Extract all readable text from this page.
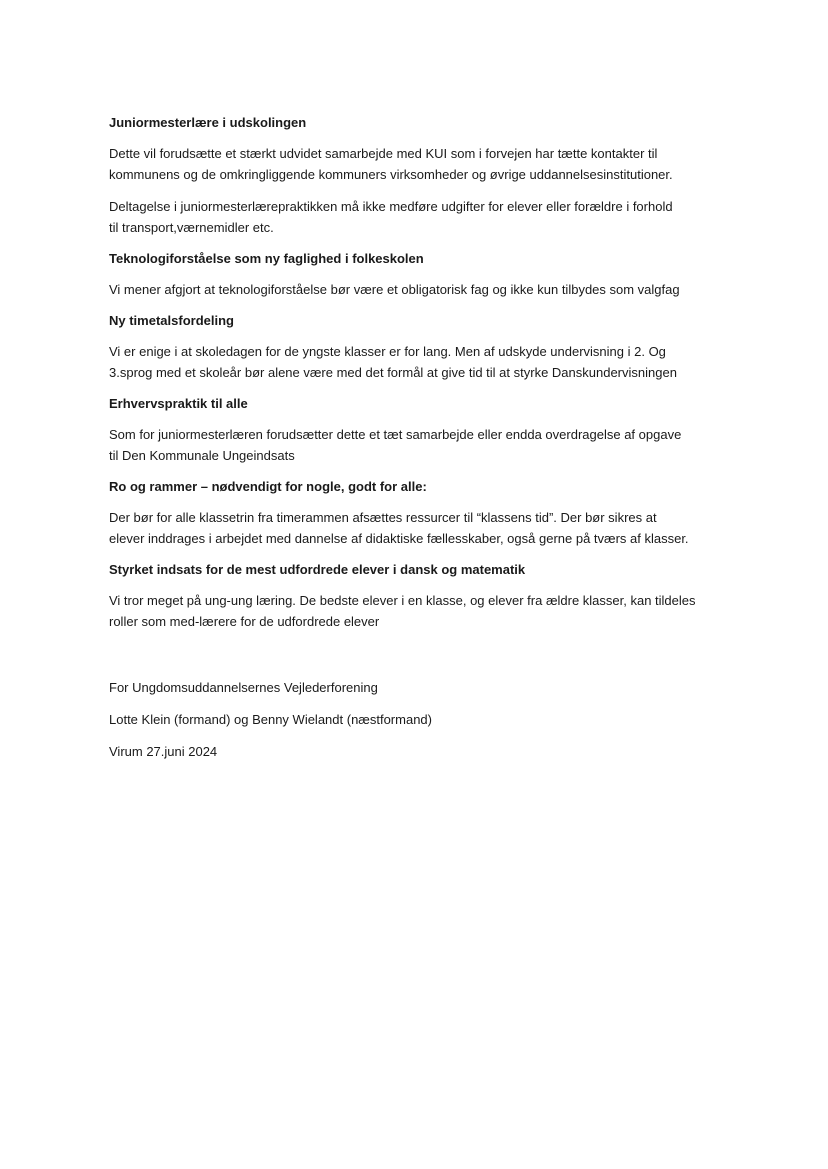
Juniormesterlære i udskolingen
Dette vil forudsætte et stærkt udvidet samarbejde med KUI som i forvejen har tætte kontakter til
kommunens og de omkringliggende kommuners virksomheder og øvrige uddannelsesinstitutioner.
Deltagelse i juniormesterlærepraktikken må ikke medføre udgifter for elever eller forældre i forhold
til transport,værnemidler etc.
Teknologiforståelse som ny faglighed i folkeskolen
Vi mener afgjort at teknologiforståelse bør være et obligatorisk fag og ikke kun tilbydes som valgfag
Ny timetalsfordeling
Vi er enige i at skoledagen for de yngste klasser er for lang. Men af udskyde undervisning i 2. Og
3.sprog med et skoleår bør alene være med det formål at give tid til at styrke Danskundervisningen
Erhvervspraktik til alle
Som for juniormesterlæren forudsætter dette et tæt samarbejde eller endda overdragelse af opgave
til Den Kommunale Ungeindsats
Ro og rammer – nødvendigt for nogle, godt for alle:
Der bør for alle klassetrin fra timerammen afsættes ressurcer til “klassens tid”. Der bør sikres at
elever inddrages i arbejdet med dannelse af didaktiske fællesskaber, også gerne på tværs af klasser.
Styrket indsats for de mest udfordrede elever i dansk og matematik
Vi tror meget på ung-ung læring. De bedste elever i en klasse, og elever fra ældre klasser, kan tildeles
roller som med-lærere for de udfordrede elever
For Ungdomsuddannelsernes Vejlederforening
Lotte Klein (formand) og Benny Wielandt (næstformand)
Virum 27.juni 2024
